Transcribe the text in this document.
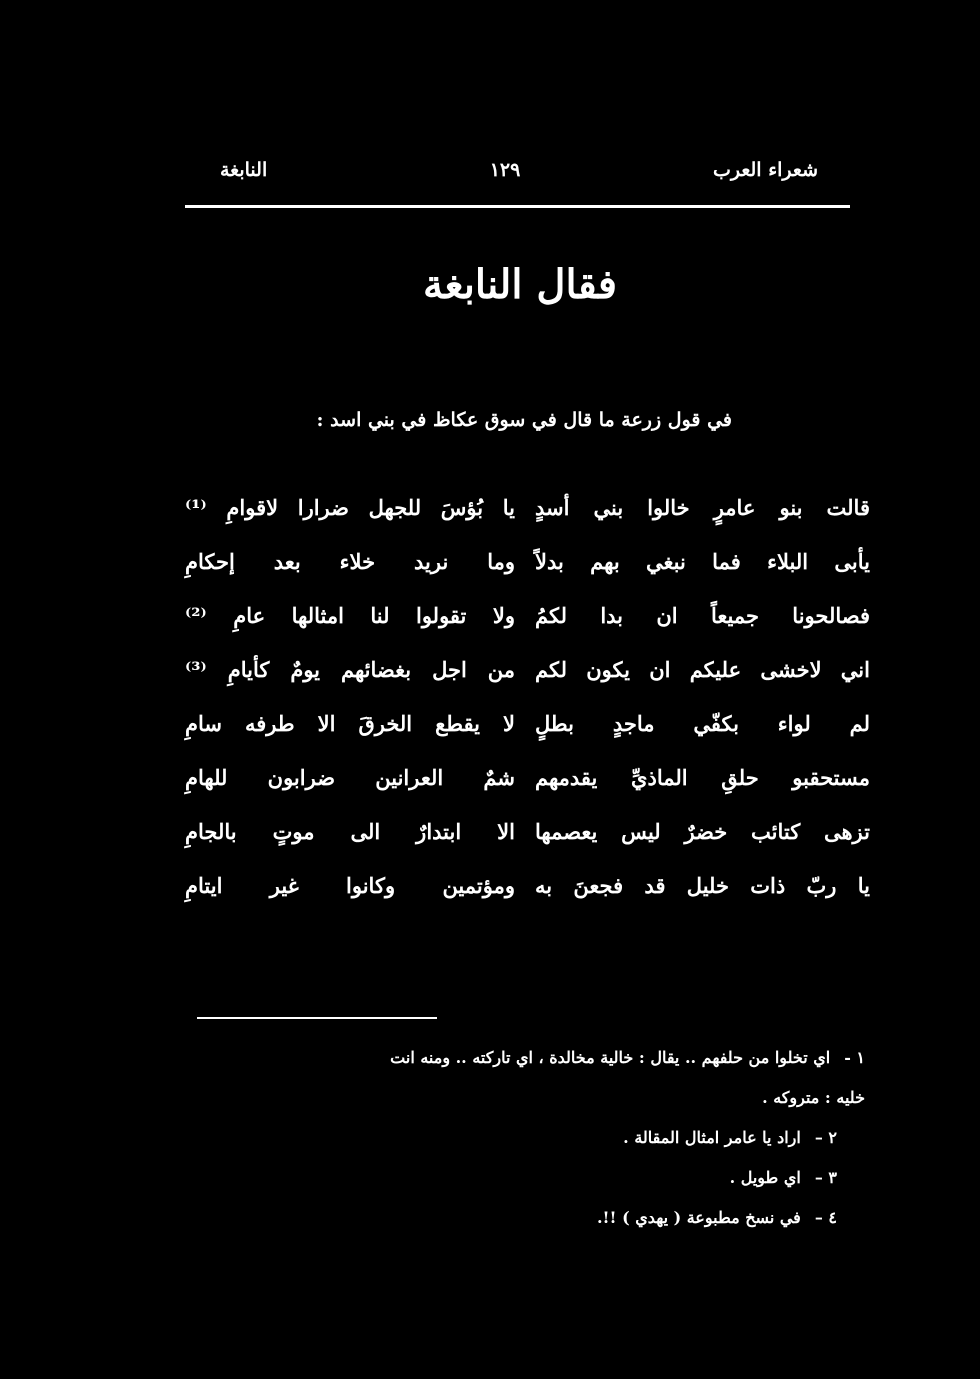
شعراء العرب
١٢٩
النابغة
فقال النابغة
في قول زرعة ما قال في سوق عكاظ في بني اسد :
قالت بنو عامرٍ خالوا بني أسدٍ
يا بُؤسَ للجهل ضرارا لاقوامِ ⁽¹⁾
يأبى البلاء فما نبغي بهم بدلاً
وما نريد خلاء بعد إحكامِ
فصالحونا جميعاً ان بدا لكمُ
ولا تقولوا لنا امثالها عامِ ⁽²⁾
اني لاخشى عليكم ان يكون لكم
من اجل بغضائهم يومٌ كأيامِ ⁽³⁾
لم لواء بكفّي ماجدٍ بطلٍ
لا يقطع الخرقَ الا طرفه سامِ
مستحقبو حلقِ الماذيِّ يقدمهم
شمٌ العرانين ضرابون للهامِ
تزهى كتائب خضرٌ ليس يعصمها
الا ابتدارٌ الى موتٍ بالجامِ
يا ربّ ذات خليل قد فجعنَ به
ومؤتمين وكانوا غير ايتامِ
١ -اي تخلوا من حلفهم .. يقال : خالية مخالدة ، اي تاركته .. ومنه انت
خليه : متروكه .
٢ –اراد يا عامر امثال المقالة .
٣ –اي طويل .
٤ –في نسخ مطبوعة ( يهدي ) !!.
